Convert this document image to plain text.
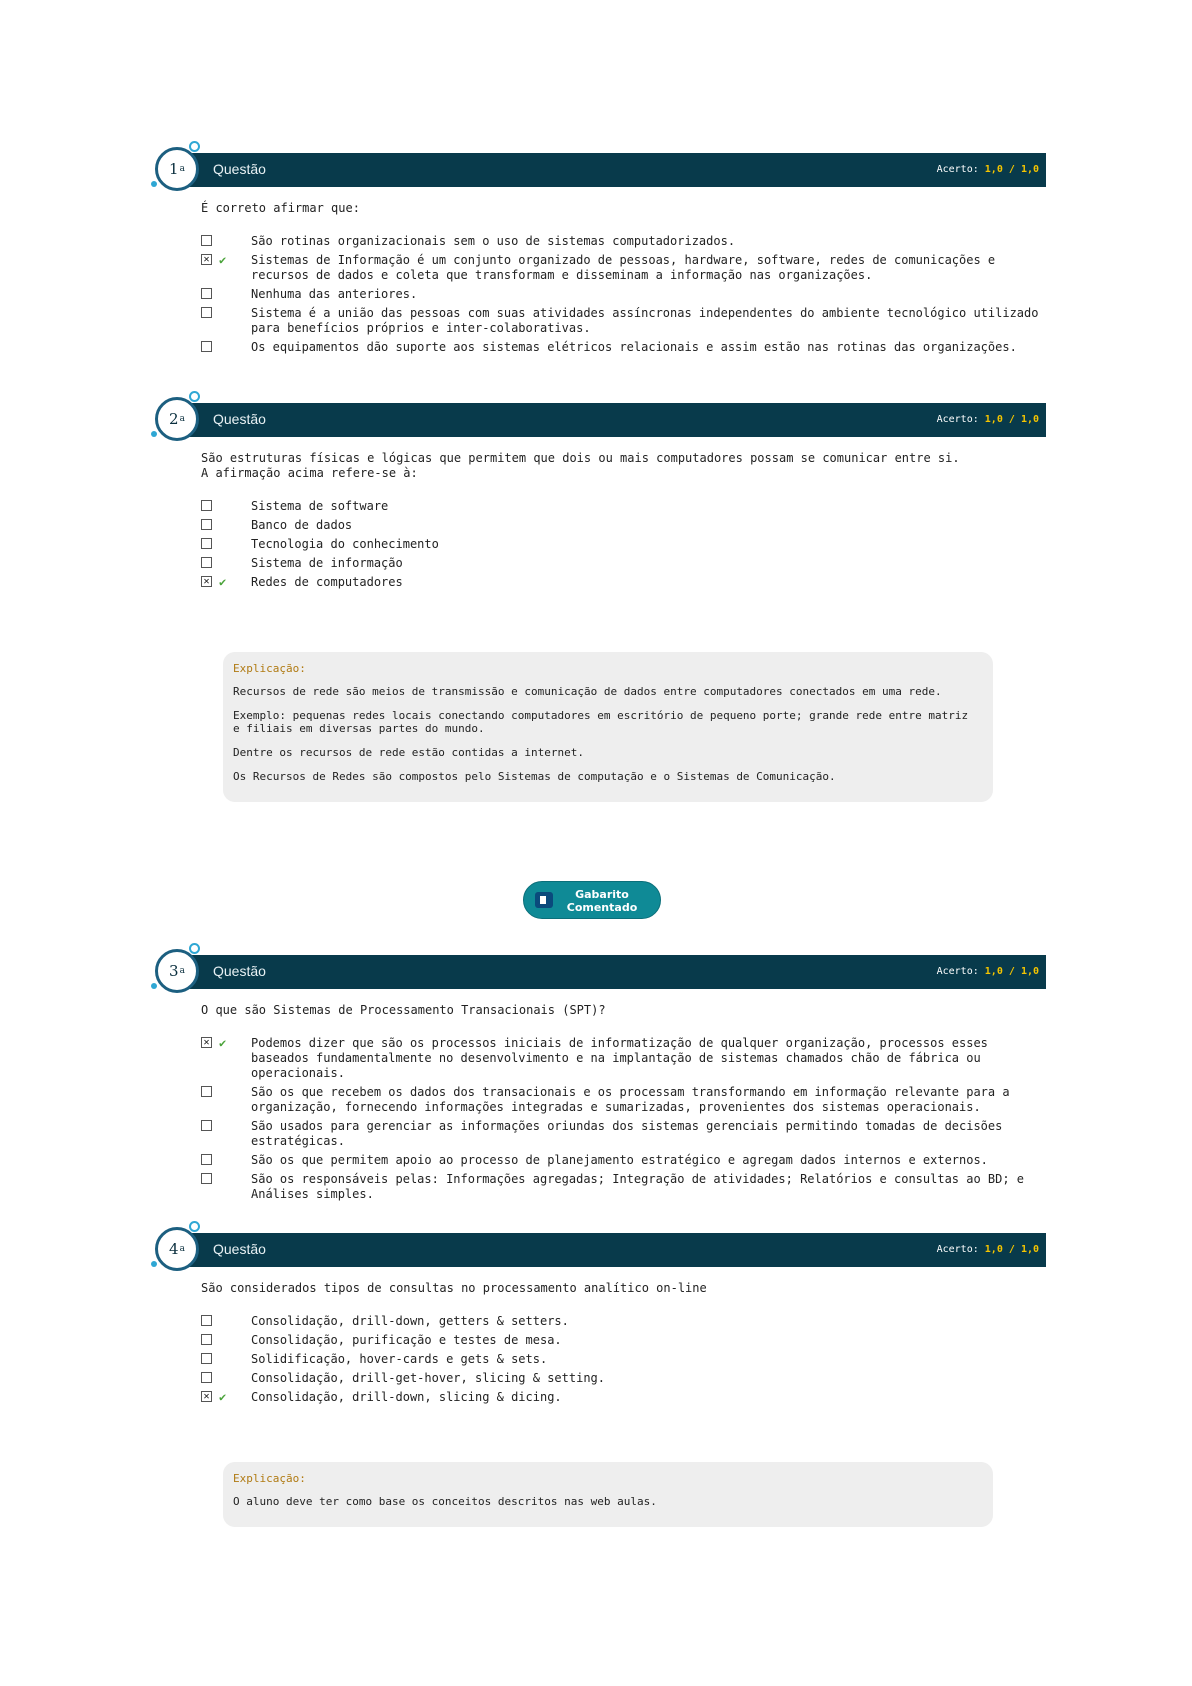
1 a Questão	Acerto: 1,0 / 1,0
É correto afirmar que:
São rotinas organizacionais sem o uso de sistemas computadorizados.
✕ ✔ Sistemas de Informação é um conjunto organizado de pessoas, hardware, software, redes de comunicações e recursos de dados e coleta que transformam e disseminam a informação nas organizações.
Nenhuma das anteriores.
Sistema é a união das pessoas com suas atividades assíncronas independentes do ambiente tecnológico utilizado para benefícios próprios e inter-colaborativas.
Os equipamentos dão suporte aos sistemas elétricos relacionais e assim estão nas rotinas das organizações.
2 a Questão	Acerto: 1,0 / 1,0
São estruturas físicas e lógicas que permitem que dois ou mais computadores possam se comunicar entre si.
A afirmação acima refere-se à:
Sistema de software
Banco de dados
Tecnologia do conhecimento
Sistema de informação
✕ ✔ Redes de computadores
Explicação:

Recursos de rede são meios de transmissão e comunicação de dados entre computadores conectados em uma rede.

Exemplo: pequenas redes locais conectando computadores em escritório de pequeno porte; grande rede entre matriz e filiais em diversas partes do mundo.

Dentre os recursos de rede estão contidas a internet.

Os Recursos de Redes são compostos pelo Sistemas de computação e o Sistemas de Comunicação.

Gabarito
Comentado
3 a Questão	Acerto: 1,0 / 1,0
O que são Sistemas de Processamento Transacionais (SPT)?
✕ ✔ Podemos dizer que são os processos iniciais de informatização de qualquer organização, processos esses baseados fundamentalmente no desenvolvimento e na implantação de sistemas chamados chão de fábrica ou operacionais.
São os que recebem os dados dos transacionais e os processam transformando em informação relevante para a organização, fornecendo informações integradas e sumarizadas, provenientes dos sistemas operacionais.
São usados para gerenciar as informações oriundas dos sistemas gerenciais permitindo tomadas de decisões estratégicas.
São os que permitem apoio ao processo de planejamento estratégico e agregam dados internos e externos.
São os responsáveis pelas: Informações agregadas; Integração de atividades; Relatórios e consultas ao BD; e Análises simples.
4 a Questão	Acerto: 1,0 / 1,0
São considerados tipos de consultas no processamento analítico on-line
Consolidação, drill-down, getters & setters.
Consolidação, purificação e testes de mesa.
Solidificação, hover-cards e gets & sets.
Consolidação, drill-get-hover, slicing & setting.
✕ ✔ Consolidação, drill-down, slicing & dicing.
Explicação:

O aluno deve ter como base os conceitos descritos nas web aulas.
